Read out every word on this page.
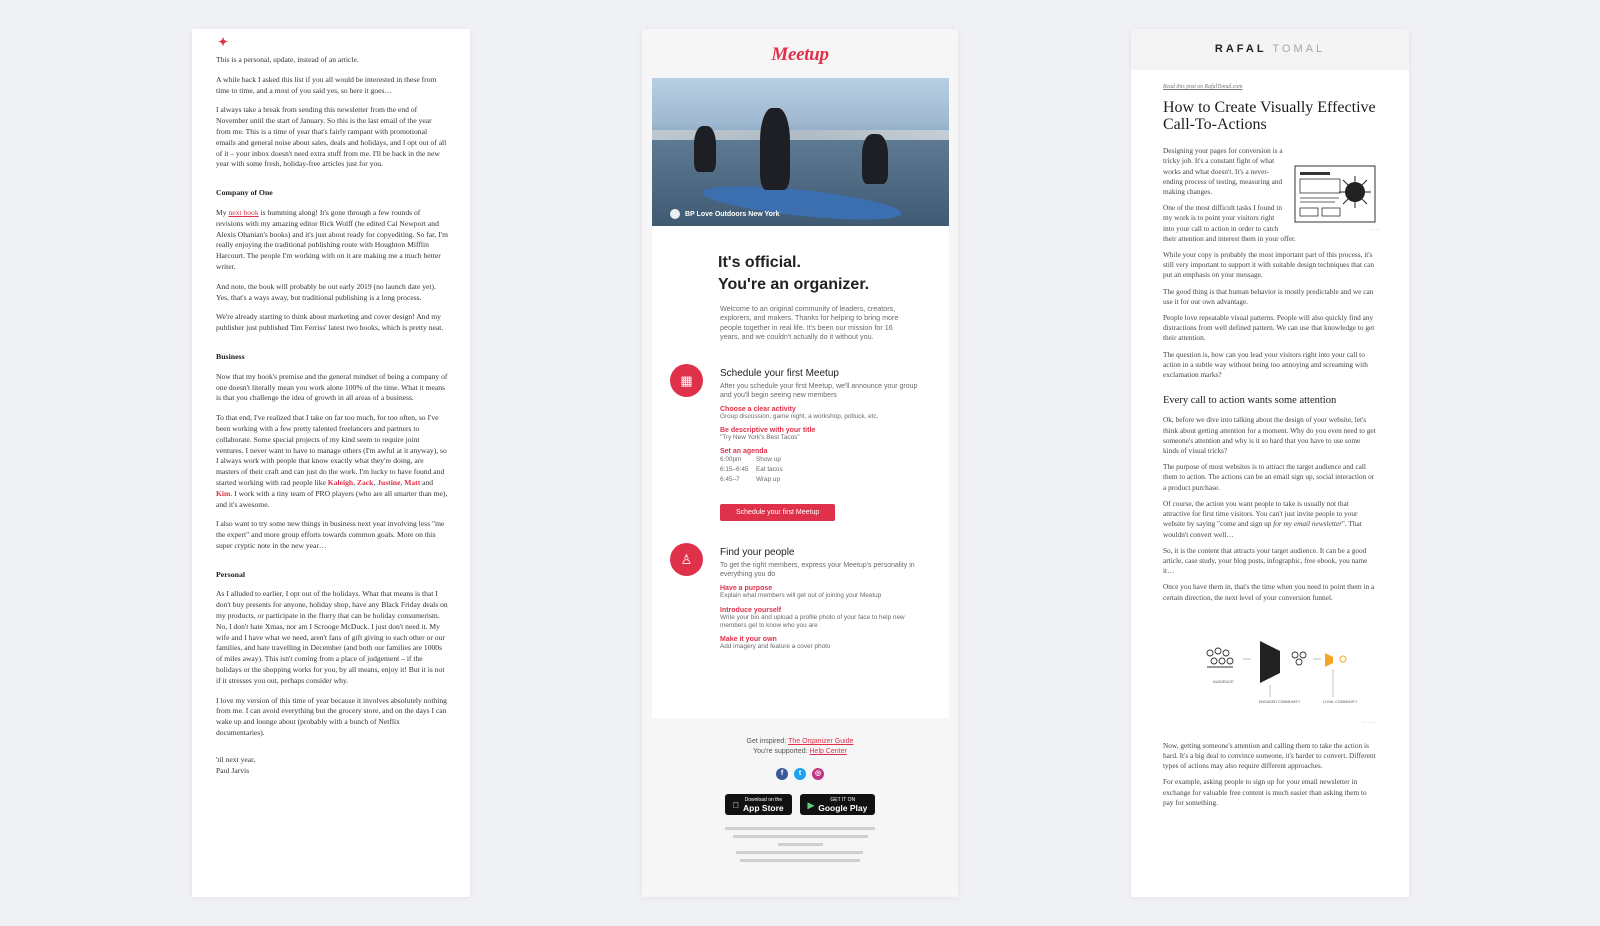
✦

This is a personal, update, instead of an article.

A while back I asked this list if you all would be interested in these from time to time, and a most of you said yes, so here it goes…

I always take a break from sending this newsletter from the end of November until the start of January. So this is the last email of the year from me. This is a time of year that's fairly rampant with promotional emails and general noise about sales, deals and holidays, and I opt out of all of it – your inbox doesn't need extra stuff from me. I'll be back in the new year with some fresh, holiday-free articles just for you.

Company of One

My next book is humming along! It's gone through a few rounds of revisions with my amazing editor Rick Wolff (he edited Cal Newport and Alexis Ohanian's books) and it's just about ready for copyediting. So far, I'm really enjoying the traditional publishing route with Houghton Mifflin Harcourt. The people I'm working with on it are making me a much better writer.

And note, the book will probably be out early 2019 (no launch date yet). Yes, that's a ways away, but traditional publishing is a long process.

We're already starting to think about marketing and cover design! And my publisher just published Tim Ferriss' latest two books, which is pretty neat.

Business

Now that my book's premise and the general mindset of being a company of one doesn't literally mean you work alone 100% of the time. What it means is that you challenge the idea of growth in all areas of a business.

To that end, I've realized that I take on far too much, for too often, so I've been working with a few pretty talented freelancers and partners to collaborate. Some special projects of my kind seem to require joint ventures. I never want to have to manage others (I'm awful at it anyway), so I always work with people that know exactly what they're doing, are masters of their craft and can just do the work. I'm lucky to have found and started working with rad people like Kaleigh, Zack, Justine, Matt and Kim. I work with a tiny team of PRO players (who are all smarter than me), and it's awesome.

I also want to try some new things in business next year involving less "me the expert" and more group efforts towards common goals. More on this super cryptic note in the new year…

Personal

As I alluded to earlier, I opt out of the holidays. What that means is that I don't buy presents for anyone, holiday shop, have any Black Friday deals on my products, or participate in the flurry that can be holiday consumerism. No, I don't hate Xmas, nor am I Scrooge McDuck. I just don't need it. My wife and I have what we need, aren't fans of gift giving to each other or our families, and hate travelling in December (and both our families are 1000s of miles away). This isn't coming from a place of judgement – if the holidays or the shopping works for you, by all means, enjoy it! But it is not if it stresses you out, perhaps consider why.

I love my version of this time of year because it involves absolutely nothing from me. I can avoid everything but the grocery store, and on the days I can wake up and lounge about (probably with a bunch of Netflix documentaries).

'til next year,
Paul Jarvis
Meetup
BP Love Outdoors New York
It's official.
You're an organizer.
Welcome to an original community of leaders, creators, explorers, and makers. Thanks for helping to bring more people together in real life. It's been our mission for 16 years, and we couldn't actually do it without you.
▦	Schedule your first Meetup
After you schedule your first Meetup, we'll announce your group and you'll begin seeing new members
Choose a clear activity
Group discussion, game night, a workshop, potluck, etc.
Be descriptive with your title
"Try New York's Best Tacos"
Set an agenda
6:00pm Show up
6:15–6:45 Eat tacos
6:45–7	Wrap up
Schedule your first Meetup
♙	Find your people
To get the right members, express your Meetup's personality in everything you do
Have a purpose
Explain what members will get out of joining your Meetup
Introduce yourself
Write your bio and upload a profile photo of your face to help new members get to know who you are
Make it your own
Add imagery and feature a cover photo
Get inspired: The Organizer Guide
You're supported: Help Center
f	t	◎
Download on the
App Store	▶	GET IT ON
Google Play
RAFAL TOMAL
Read this post on RafalTomal.com
How to Create Visually Effective Call-To-Actions
— —

Designing your pages for conversion is a tricky job. It's a constant fight of what works and what doesn't. It's a never-ending process of testing, measuring and making changes.

One of the most difficult tasks I found in my work is to point your visitors right into your call to action in order to catch their attention and interest them in your offer.

While your copy is probably the most important part of this process, it's still very important to support it with suitable design techniques that can put an emphasis on your message.

The good thing is that human behavior is mostly predictable and we can use it for our own advantage.

People love repeatable visual patterns. People will also quickly find any distractions from well defined pattern. We can use that knowledge to get their attention.

The question is, how can you lead your visitors right into your call to action in a subtle way without being too annoying and screaming with exclamation marks?

Every call to action wants some attention

Ok, before we dive into talking about the design of your website, let's think about getting attention for a moment. Why do you even need to get someone's attention and why is it so hard that you have to use some kinds of visual tricks?

The purpose of most websites is to attract the target audience and call them to action. The actions can be an email sign up, social interaction or a product purchase.

Of course, the action you want people to take is usually not that attractive for first time visitors. You can't just invite people to your website by saying "come and sign up for my email newsletter". That wouldn't convert well…

So, it is the content that attracts your target audience. It can be a good article, case study, your blog posts, infographic, free ebook, you name it…

Once you have them in, that's the time when you need to point them in a certain direction, the next level of your conversion funnel.

AUDIENCE
ENGAGED COMMUNITY	LOYAL COMMUNITY
— — —

Now, getting someone's attention and calling them to take the action is hard. It's a big deal to convince someone, it's harder to convert. Different types of actions may also require different approaches.

For example, asking people to sign up for your email newsletter in exchange for valuable free content is much easier than asking them to pay for something.
